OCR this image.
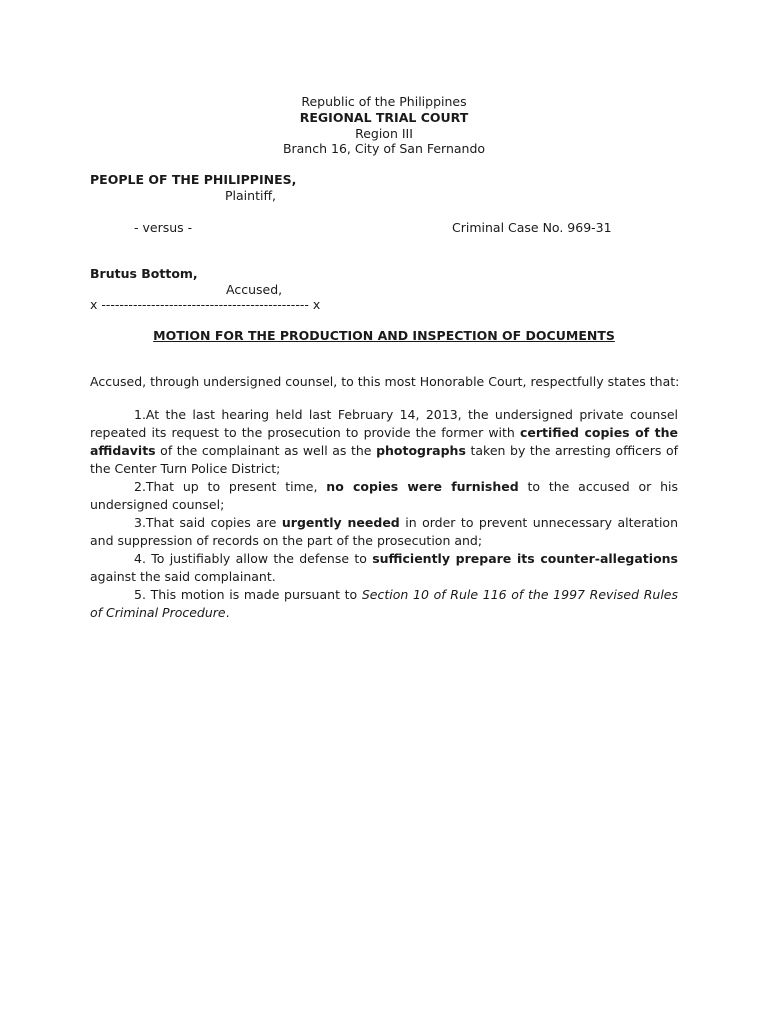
Republic of the Philippines
REGIONAL TRIAL COURT
Region III
Branch 16, City of San Fernando
PEOPLE OF THE PHILIPPINES,
Plaintiff,
- versus -	Criminal Case No. 969-31
Brutus Bottom,
Accused,
x ---------------------------------------------- x
MOTION FOR THE PRODUCTION AND INSPECTION OF DOCUMENTS
Accused, through undersigned counsel, to this most Honorable Court, respectfully states that:

1.At the last hearing held last February 14, 2013, the undersigned private counsel repeated its request to the prosecution to provide the former with certified copies of the affidavits of the complainant as well as the photographs taken by the arresting officers of the Center Turn Police District;

2.That up to present time, no copies were furnished to the accused or his undersigned counsel;

3.That said copies are urgently needed in order to prevent unnecessary alteration and suppression of records on the part of the prosecution and;

4. To justifiably allow the defense to sufficiently prepare its counter-allegations against the said complainant.

5. This motion is made pursuant to Section 10 of Rule 116 of the 1997 Revised Rules of Criminal Procedure.
